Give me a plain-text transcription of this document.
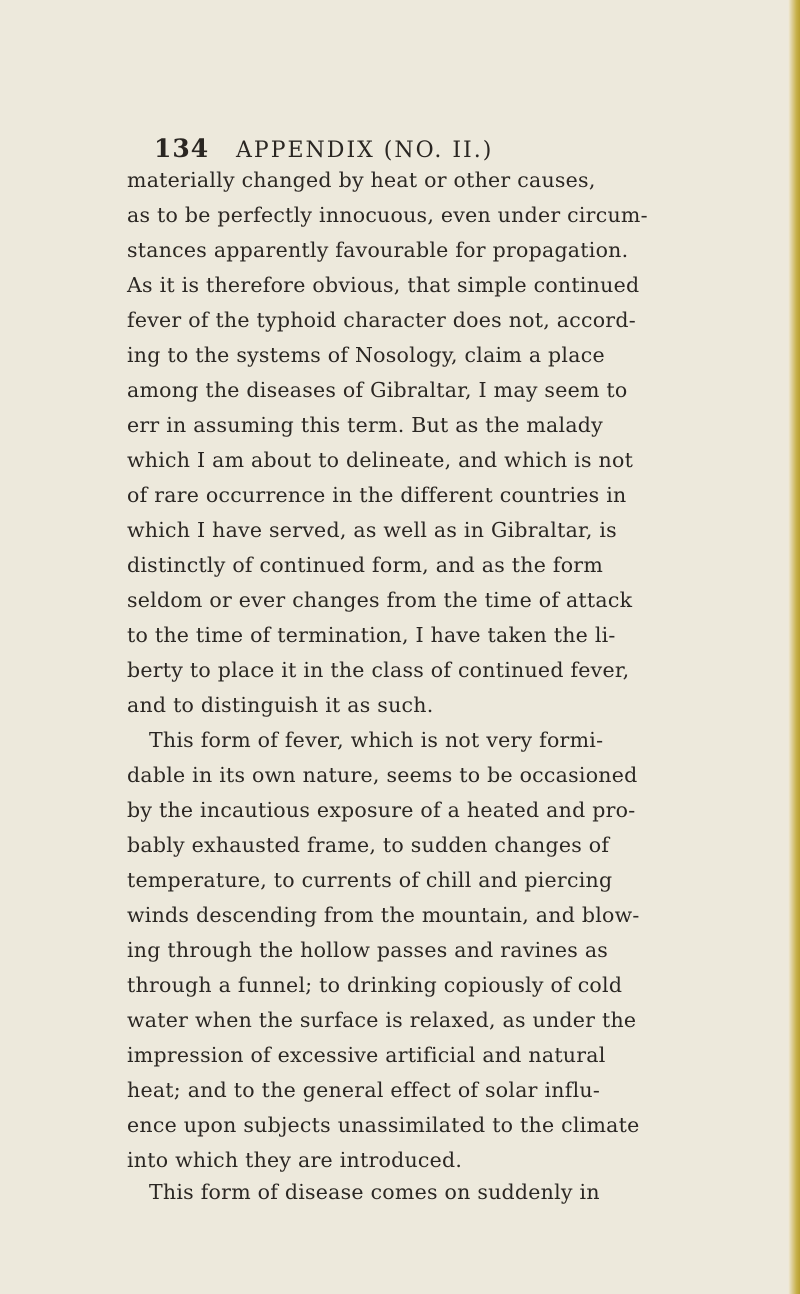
134 APPENDIX (NO. II.)
materially changed by heat or other causes,
as to be perfectly innocuous, even under circum-
stances apparently favourable for propagation.
As it is therefore obvious, that simple continued
fever of the typhoid character does not, accord-
ing to the systems of Nosology, claim a place
among the diseases of Gibraltar, I may seem to
err in assuming this term. But as the malady
which I am about to delineate, and which is not
of rare occurrence in the different countries in
which I have served, as well as in Gibraltar, is
distinctly of continued form, and as the form
seldom or ever changes from the time of attack
to the time of termination, I have taken the li-
berty to place it in the class of continued fever,
and to distinguish it as such.
This form of fever, which is not very formi-
dable in its own nature, seems to be occasioned
by the incautious exposure of a heated and pro-
bably exhausted frame, to sudden changes of
temperature, to currents of chill and piercing
winds descending from the mountain, and blow-
ing through the hollow passes and ravines as
through a funnel; to drinking copiously of cold
water when the surface is relaxed, as under the
impression of excessive artificial and natural
heat; and to the general effect of solar influ-
ence upon subjects unassimilated to the climate
into which they are introduced.
This form of disease comes on suddenly in
